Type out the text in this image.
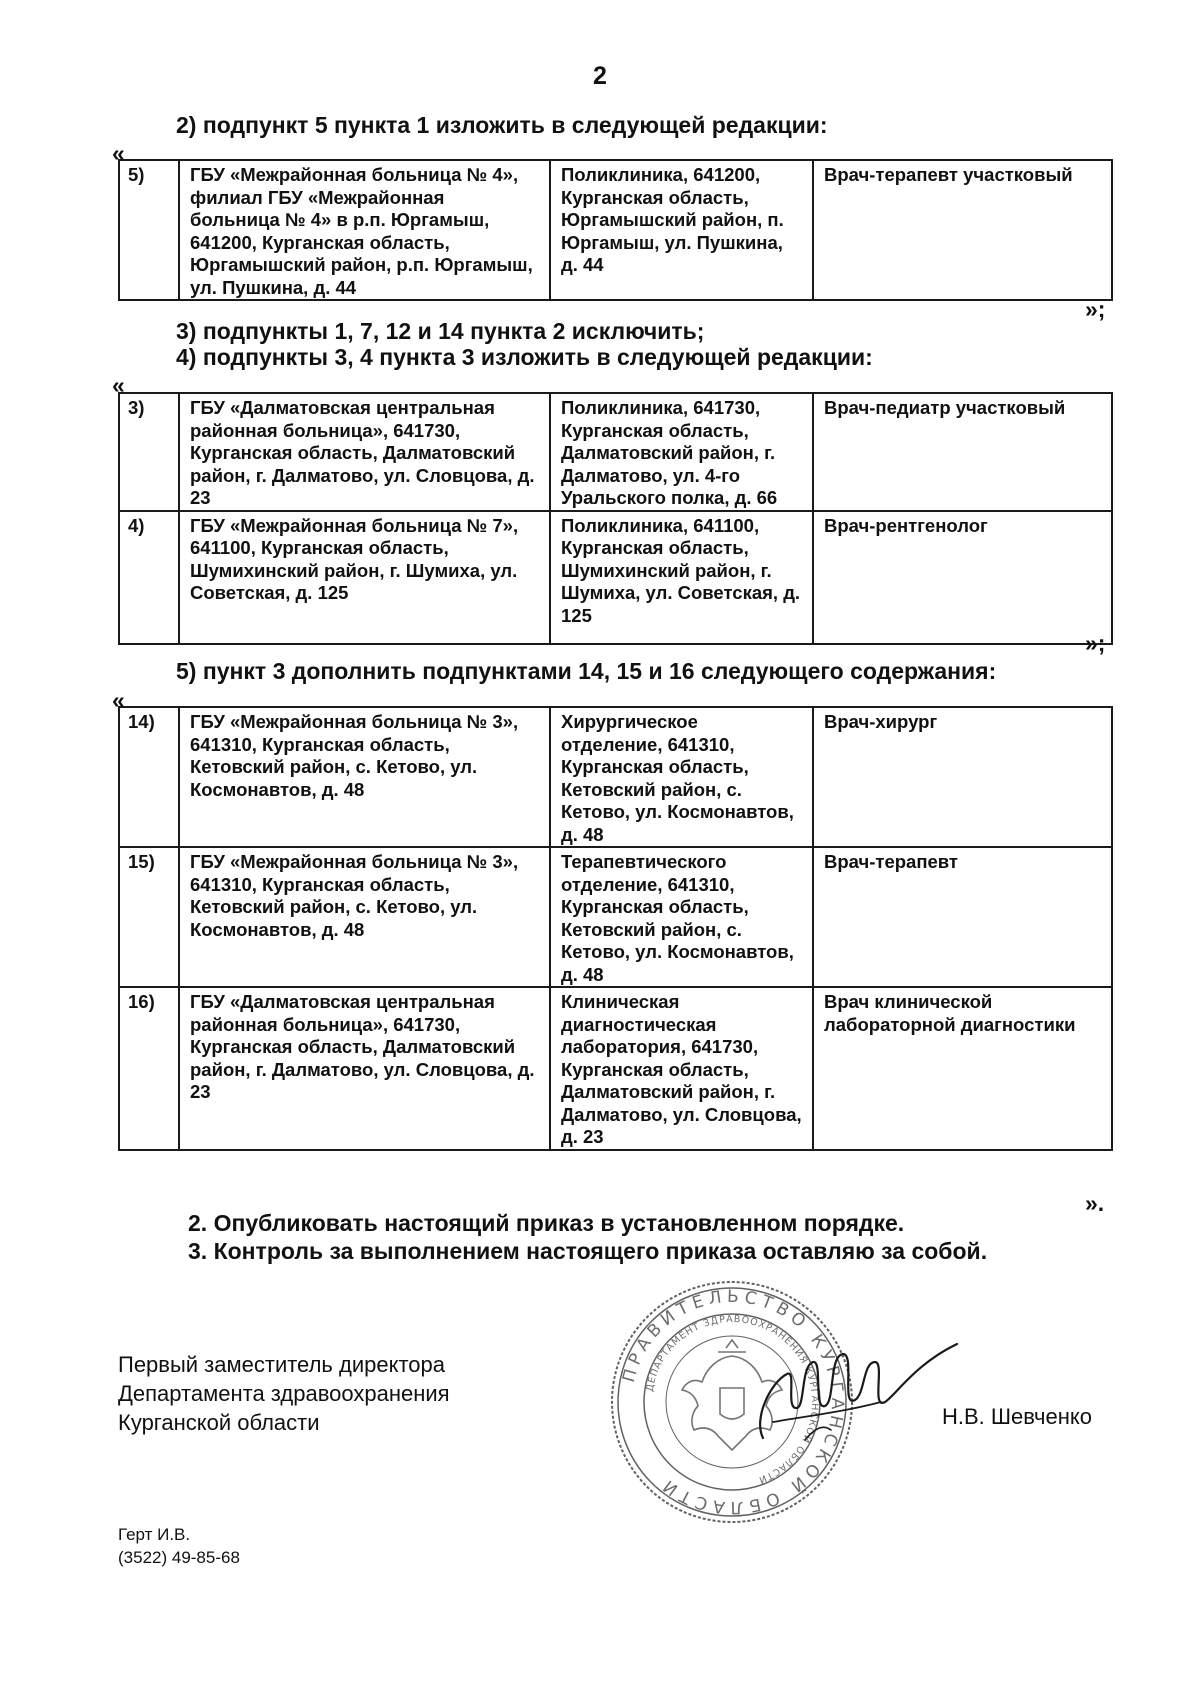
2
2) подпункт 5 пункта 1 изложить в следующей редакции:
«
5)	ГБУ «Межрайонная больница № 4», филиал ГБУ «Межрайонная больница № 4» в р.п. Юргамыш, 641200, Курганская область, Юргамышский район, р.п. Юргамыш, ул. Пушкина, д. 44	Поликлиника, 641200, Курганская область, Юргамышский район, п. Юргамыш, ул. Пушкина, д. 44	Врач-терапевт участковый
»;
3) подпункты 1, 7, 12 и 14 пункта 2 исключить;
4) подпункты 3, 4 пункта 3 изложить в следующей редакции:
«
3)	ГБУ «Далматовская центральная районная больница», 641730, Курганская область, Далматовский район, г. Далматово, ул. Словцова, д. 23	Поликлиника, 641730, Курганская область, Далматовский район, г. Далматово, ул. 4-го Уральского полка, д. 66	Врач-педиатр участковый
4)	ГБУ «Межрайонная больница № 7», 641100, Курганская область, Шумихинский район, г. Шумиха, ул. Советская, д. 125	Поликлиника, 641100, Курганская область, Шумихинский район, г. Шумиха, ул. Советская, д. 125	Врач-рентгенолог
»;
5) пункт 3 дополнить подпунктами 14, 15 и 16 следующего содержания:
«
14)	ГБУ «Межрайонная больница № 3», 641310, Курганская область, Кетовский район, с. Кетово, ул. Космонавтов, д. 48	Хирургическое отделение, 641310, Курганская область, Кетовский район, с. Кетово, ул. Космонавтов, д. 48	Врач-хирург
15)	ГБУ «Межрайонная больница № 3», 641310, Курганская область, Кетовский район, с. Кетово, ул. Космонавтов, д. 48	Терапевтического отделение, 641310, Курганская область, Кетовский район, с. Кетово, ул. Космонавтов, д. 48	Врач-терапевт
16)	ГБУ «Далматовская центральная районная больница», 641730, Курганская область, Далматовский район, г. Далматово, ул. Словцова, д. 23	Клиническая диагностическая лаборатория, 641730, Курганская область, Далматовский район, г. Далматово, ул. Словцова, д. 23	Врач клинической лабораторной диагностики
».
2. Опубликовать настоящий приказ в установленном порядке.
3. Контроль за выполнением настоящего приказа оставляю за собой.
Первый заместитель директора
Департамента здравоохранения
Курганской области
ПРАВИТЕЛЬСТВО КУРГАНСКОЙ ОБЛАСТИ
ДЕПАРТАМЕНТ ЗДРАВООХРАНЕНИЯ КУРГАНСКОЙ ОБЛАСТИ
Н.В. Шевченко
Герт И.В.
(3522) 49-85-68
